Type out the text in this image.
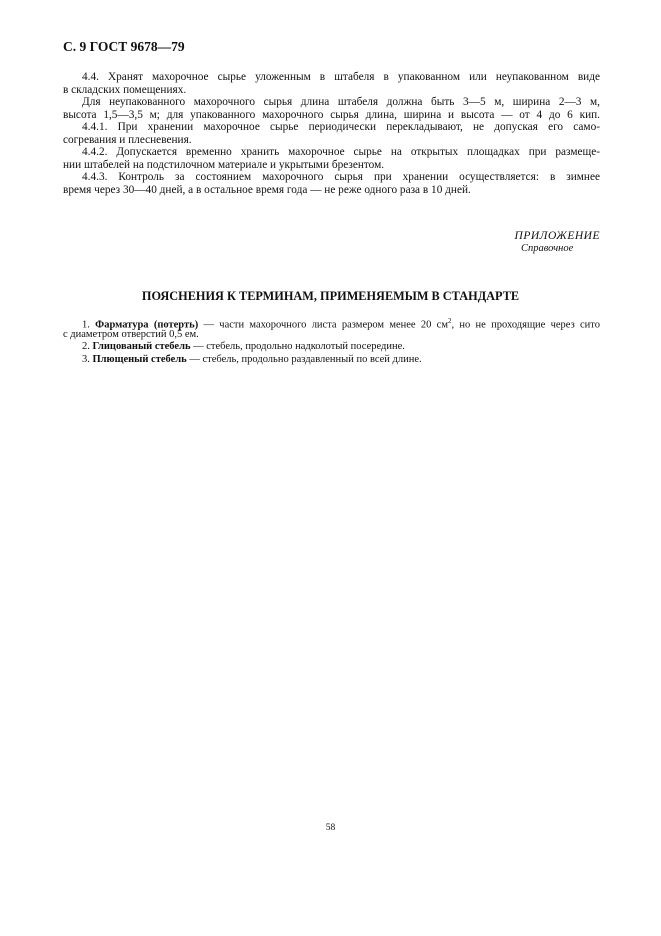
С. 9 ГОСТ 9678—79
4.4. Хранят махорочное сырье уложенным в штабеля в упакованном или неупакованном виде
в складских помещениях.
Для неупакованного махорочного сырья длина штабеля должна быть 3—5 м, ширина 2—3 м,
высота 1,5—3,5 м; для упакованного махорочного сырья длина, ширина и высота — от 4 до 6 кип.
4.4.1. При хранении махорочное сырье периодически перекладывают, не допуская его само-
согревания и плесневения.
4.4.2. Допускается временно хранить махорочное сырье на открытых площадках при размеще-
нии штабелей на подстилочном материале и укрытыми брезентом.
4.4.3. Контроль за состоянием махорочного сырья при хранении осуществляется: в зимнее
время через 30—40 дней, а в остальное время года — не реже одного раза в 10 дней.
ПРИЛОЖЕНИЕ
Справочное
ПОЯСНЕНИЯ К ТЕРМИНАМ, ПРИМЕНЯЕМЫМ В СТАНДАРТЕ
1. Фарматура (потерть) — части махорочного листа размером менее 20 $см^2$, но не проходящие через сито
с диаметром отверстий 0,5 ем.
2. Глицованый стебель — стебель, продольно надколотый посередине.
3. Плющеный стебель — стебель, продольно раздавленный по всей длине.
58
